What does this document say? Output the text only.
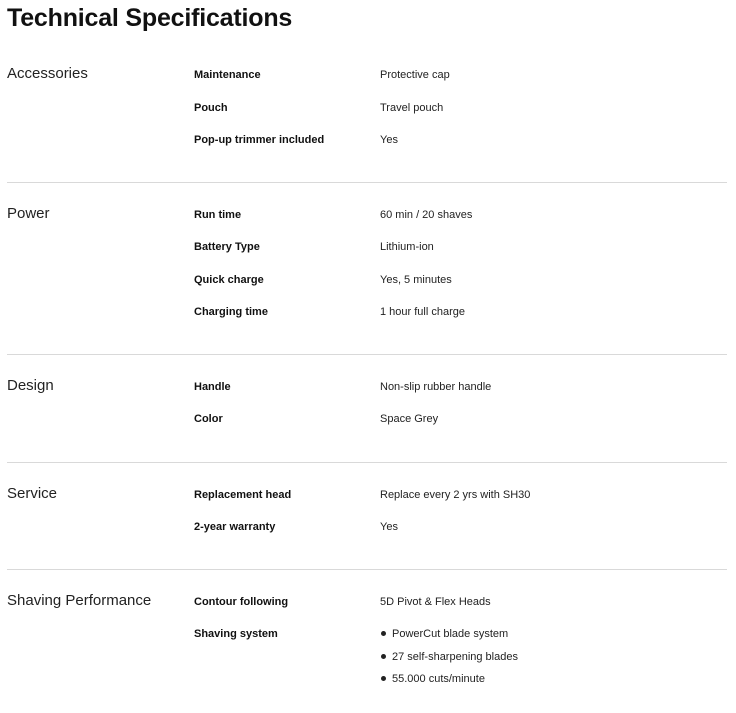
Technical Specifications
Accessories	Maintenance	Protective cap
Pouch	Travel pouch
Pop-up trimmer included	Yes
Power	Run time	60 min / 20 shaves
Battery Type	Lithium-ion
Quick charge	Yes, 5 minutes
Charging time	1 hour full charge
Design	Handle	Non-slip rubber handle
Color	Space Grey
Service	Replacement head	Replace every 2 yrs with SH30
2-year warranty	Yes
Shaving Performance	Contour following	5D Pivot & Flex Heads
Shaving system	PowerCut blade system
27 self-sharpening blades
55.000 cuts/minute
